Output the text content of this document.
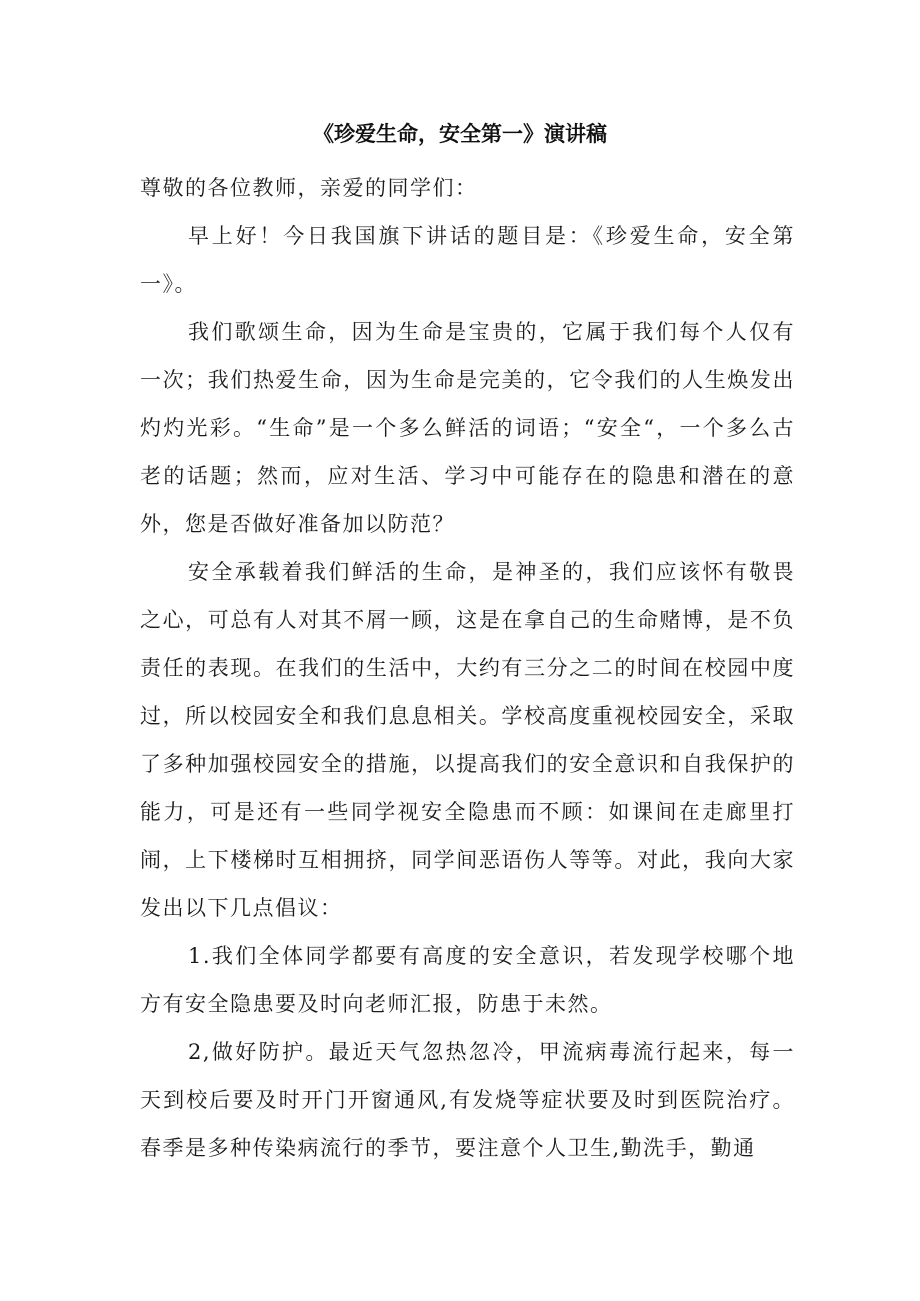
《珍爱生命，安全第一》演讲稿

尊敬的各位教师，亲爱的同学们：

早上好！今日我国旗下讲话的题目是：《珍爱生命，安全第一》。

我们歌颂生命，因为生命是宝贵的，它属于我们每个人仅有一次；我们热爱生命，因为生命是完美的，它令我们的人生焕发出灼灼光彩。“生命”是一个多么鲜活的词语；“安全“，一个多么古老的话题；然而，应对生活、学习中可能存在的隐患和潜在的意外，您是否做好准备加以防范？

安全承载着我们鲜活的生命，是神圣的，我们应该怀有敬畏之心，可总有人对其不屑一顾，这是在拿自己的生命赌博，是不负责任的表现。在我们的生活中，大约有三分之二的时间在校园中度过，所以校园安全和我们息息相关。学校高度重视校园安全，采取了多种加强校园安全的措施，以提高我们的安全意识和自我保护的能力，可是还有一些同学视安全隐患而不顾：如课间在走廊里打闹，上下楼梯时互相拥挤，同学间恶语伤人等等。对此，我向大家发出以下几点倡议：

1.我们全体同学都要有高度的安全意识，若发现学校哪个地方有安全隐患要及时向老师汇报，防患于未然。

2,做好防护。最近天气忽热忽冷，甲流病毒流行起来，每一天到校后要及时开门开窗通风,有发烧等症状要及时到医院治疗。春季是多种传染病流行的季节，要注意个人卫生,勤洗手，勤通
